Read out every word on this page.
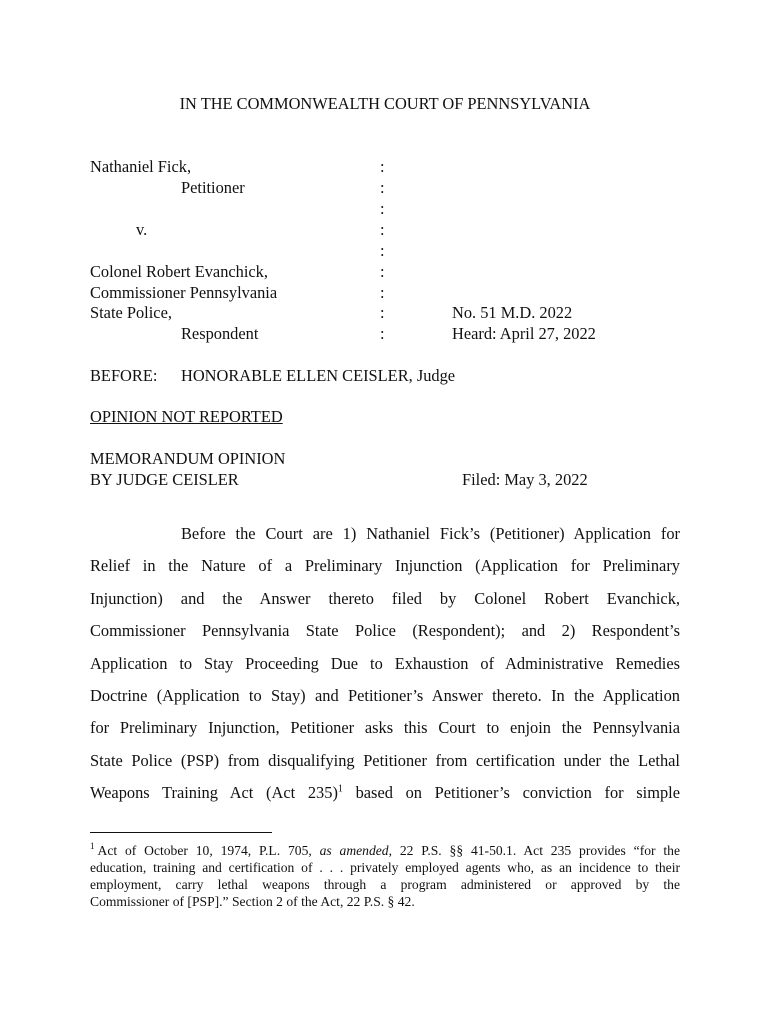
IN THE COMMONWEALTH COURT OF PENNSYLVANIA
Nathaniel Fick,
Petitioner
v.
Colonel Robert Evanchick,
Commissioner Pennsylvania
State Police,
Respondent
:
:
:
:
:
:
:
:
:
No. 51 M.D. 2022
Heard: April 27, 2022
BEFORE: HONORABLE ELLEN CEISLER, Judge
OPINION NOT REPORTED
MEMORANDUM OPINION
BY JUDGE CEISLER	Filed: May 3, 2022
Before the Court are 1) Nathaniel Fick’s (Petitioner) Application for
Relief in the Nature of a Preliminary Injunction (Application for Preliminary
Injunction) and the Answer thereto filed by Colonel Robert Evanchick,
Commissioner Pennsylvania State Police (Respondent); and 2) Respondent’s
Application to Stay Proceeding Due to Exhaustion of Administrative Remedies
Doctrine (Application to Stay) and Petitioner’s Answer thereto. In the Application
for Preliminary Injunction, Petitioner asks this Court to enjoin the Pennsylvania
State Police (PSP) from disqualifying Petitioner from certification under the Lethal
Weapons Training Act (Act 235)$^1$ based on Petitioner’s conviction for simple
$^1$ Act of October 10, 1974, P.L. 705, as amended, 22 P.S. §§ 41-50.1. Act 235 provides “for the
education, training and certification of . . . privately employed agents who, as an incidence to their
employment, carry lethal weapons through a program administered or approved by the
Commissioner of [PSP].” Section 2 of the Act, 22 P.S. § 42.
